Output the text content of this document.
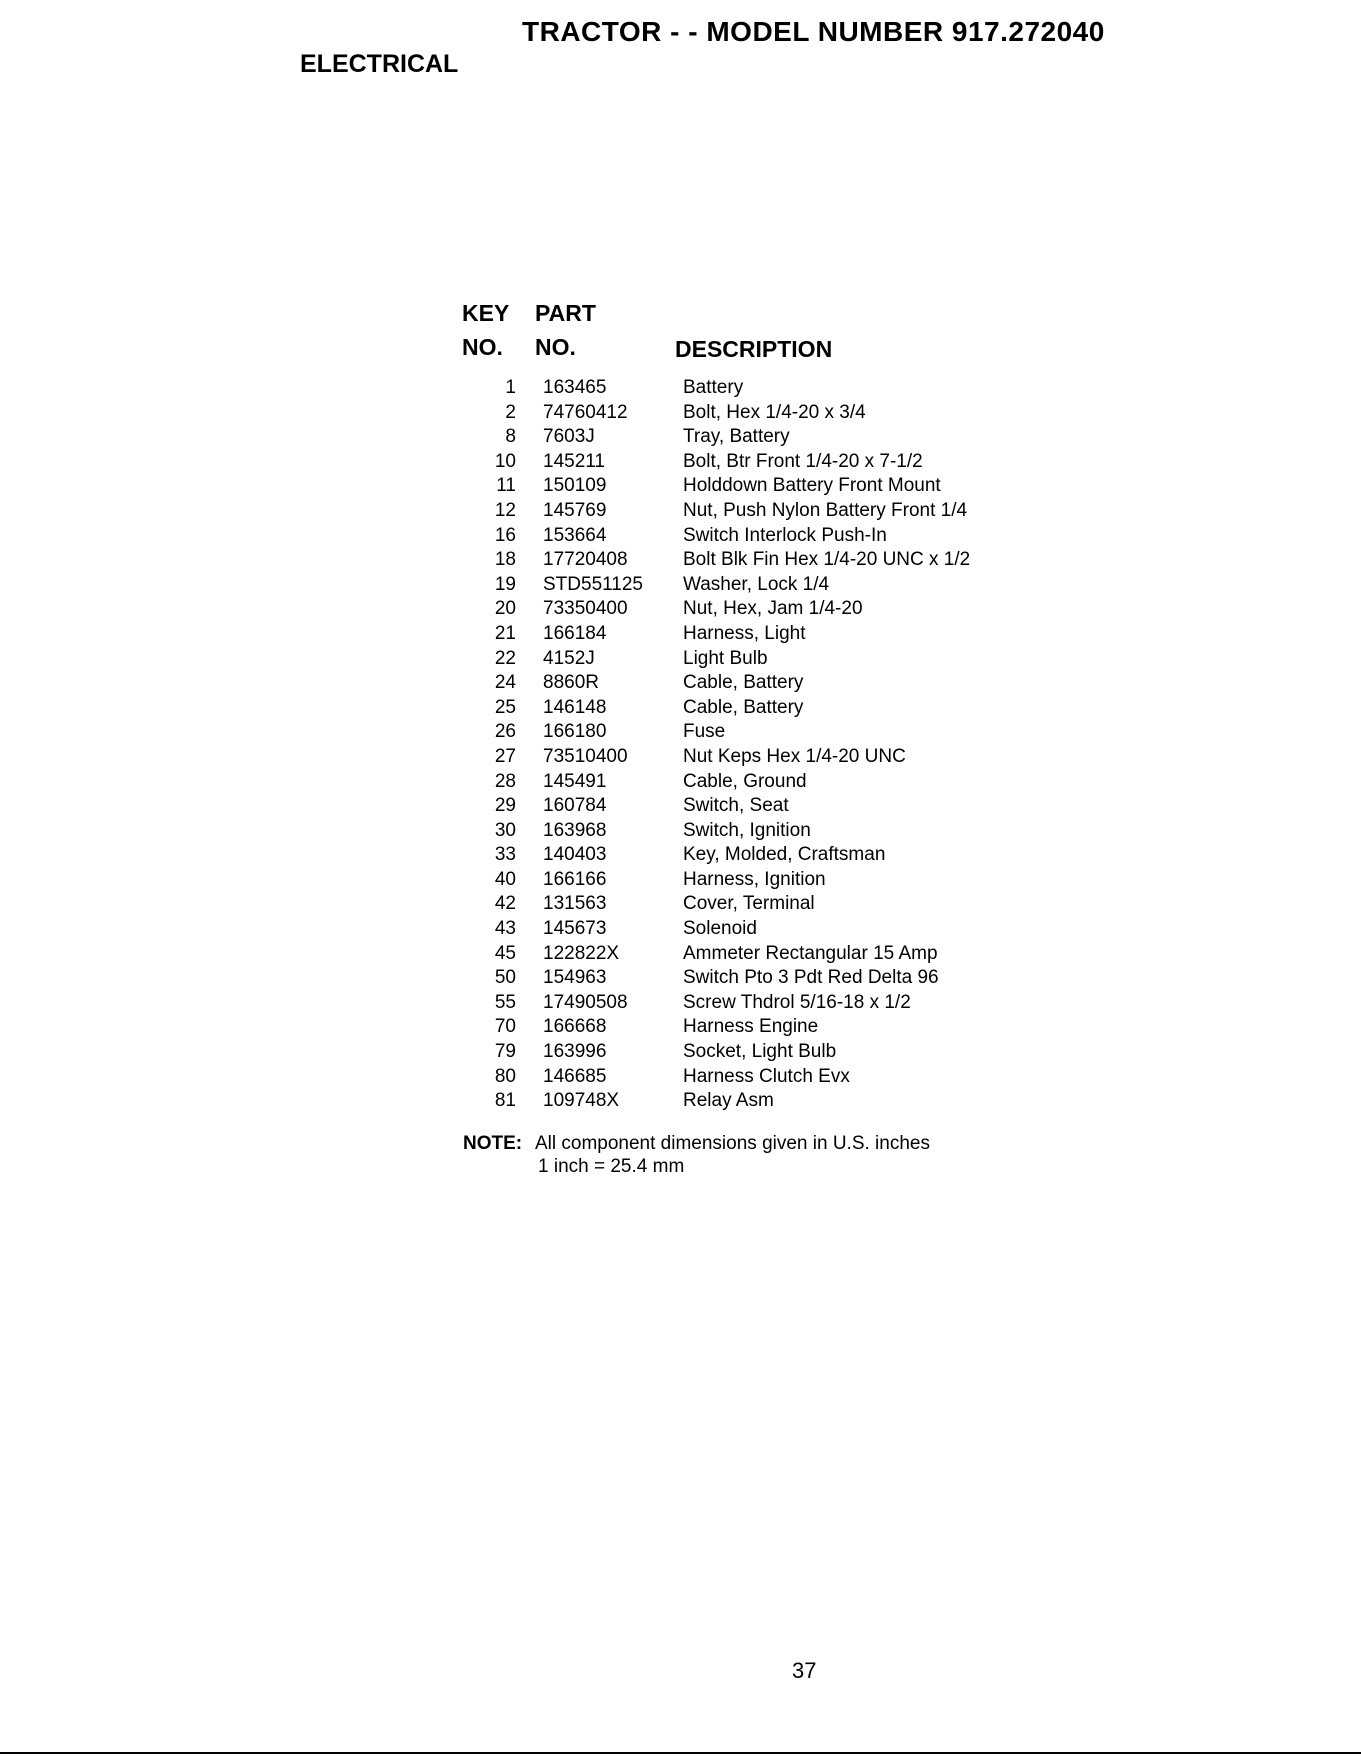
TRACTOR - - MODEL NUMBER 917.272040
ELECTRICAL
KEY
NO.
PART
NO.	DESCRIPTION
1 163465	Battery
2 74760412	Bolt, Hex 1/4-20 x 3/4
8 7603J	Tray, Battery
10 145211	Bolt, Btr Front 1/4-20 x 7-1/2
11 150109	Holddown Battery Front Mount
12 145769	Nut, Push Nylon Battery Front 1/4
16 153664	Switch Interlock Push-In
18 17720408	Bolt Blk Fin Hex 1/4-20 UNC x 1/2
19 STD551125 Washer, Lock 1/4
20 73350400	Nut, Hex, Jam 1/4-20
21 166184	Harness, Light
22 4152J	Light Bulb
24 8860R	Cable, Battery
25 146148	Cable, Battery
26 166180	Fuse
27 73510400	Nut Keps Hex 1/4-20 UNC
28 145491	Cable, Ground
29 160784	Switch, Seat
30 163968	Switch, Ignition
33 140403	Key, Molded, Craftsman
40 166166	Harness, Ignition
42 131563	Cover, Terminal
43 145673	Solenoid
45 122822X	Ammeter Rectangular 15 Amp
50 154963	Switch Pto 3 Pdt Red Delta 96
55 17490508	Screw Thdrol 5/16-18 x 1/2
70 166668	Harness Engine
79 163996	Socket, Light Bulb
80 146685	Harness Clutch Evx
81 109748X	Relay Asm
NOTE: All component dimensions given in U.S. inches
1 inch = 25.4 mm
37
